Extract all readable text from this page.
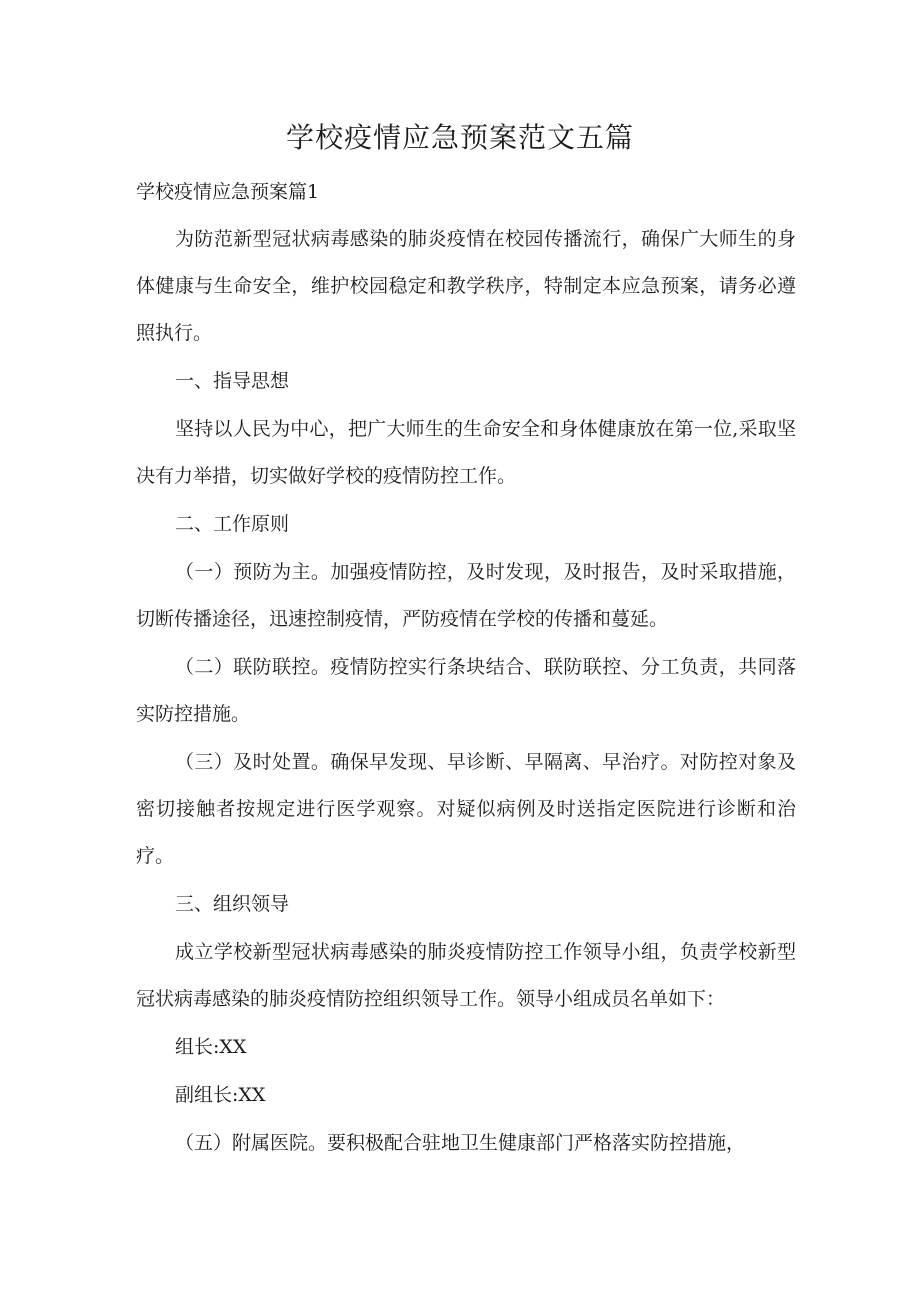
学校疫情应急预案范文五篇

学校疫情应急预案篇1

为防范新型冠状病毒感染的肺炎疫情在校园传播流行，确保广大师生的身体健康与生命安全，维护校园稳定和教学秩序，特制定本应急预案，请务必遵照执行。

一、指导思想

坚持以人民为中心，把广大师生的生命安全和身体健康放在第一位,采取坚决有力举措，切实做好学校的疫情防控工作。

二、工作原则

（一）预防为主。加强疫情防控，及时发现，及时报告，及时采取措施，切断传播途径，迅速控制疫情，严防疫情在学校的传播和蔓延。

（二）联防联控。疫情防控实行条块结合、联防联控、分工负责，共同落实防控措施。

（三）及时处置。确保早发现、早诊断、早隔离、早治疗。对防控对象及密切接触者按规定进行医学观察。对疑似病例及时送指定医院进行诊断和治疗。

三、组织领导

成立学校新型冠状病毒感染的肺炎疫情防控工作领导小组，负责学校新型冠状病毒感染的肺炎疫情防控组织领导工作。领导小组成员名单如下：

组长:XX

副组长:XX

（五）附属医院。要积极配合驻地卫生健康部门严格落实防控措施，
